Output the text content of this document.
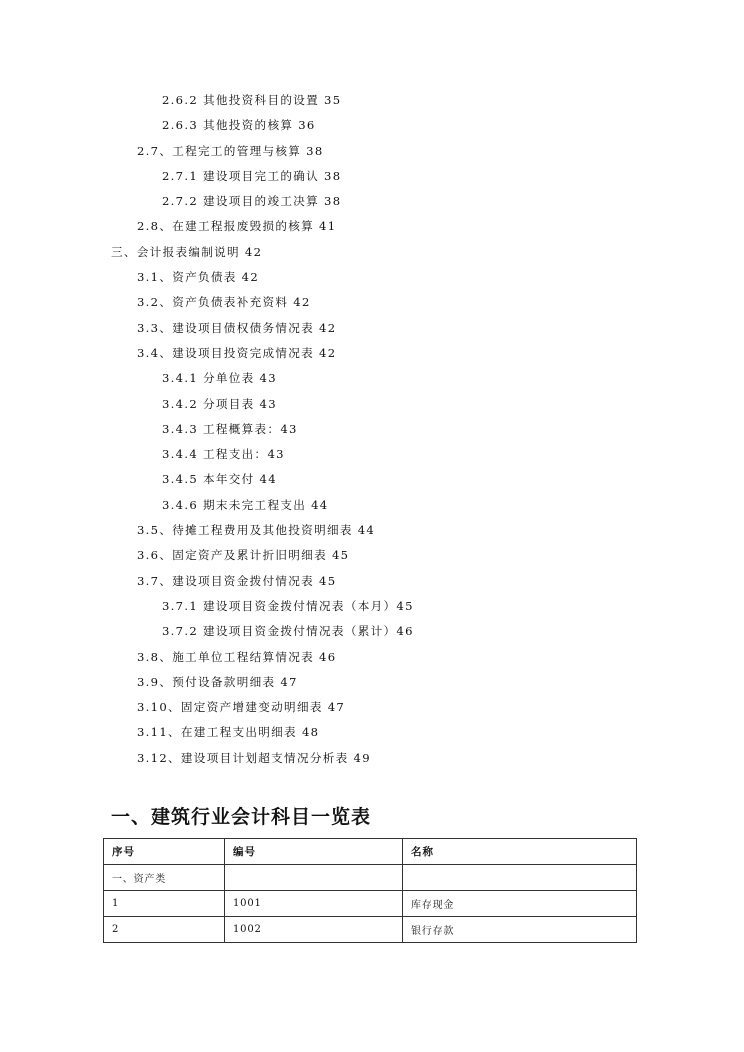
2.6.2 其他投资科目的设置 35
2.6.3 其他投资的核算 36
2.7、工程完工的管理与核算 38
2.7.1 建设项目完工的确认 38
2.7.2 建设项目的竣工决算 38
2.8、在建工程报废毁损的核算 41
三、会计报表编制说明 42
3.1、资产负债表 42
3.2、资产负债表补充资料 42
3.3、建设项目债权债务情况表 42
3.4、建设项目投资完成情况表 42
3.4.1 分单位表 43
3.4.2 分项目表 43
3.4.3 工程概算表：43
3.4.4 工程支出：43
3.4.5 本年交付 44
3.4.6 期末未完工程支出 44
3.5、待摊工程费用及其他投资明细表 44
3.6、固定资产及累计折旧明细表 45
3.7、建设项目资金拨付情况表 45
3.7.1 建设项目资金拨付情况表（本月）45
3.7.2 建设项目资金拨付情况表（累计）46
3.8、施工单位工程结算情况表 46
3.9、预付设备款明细表 47
3.10、固定资产增建变动明细表 47
3.11、在建工程支出明细表 48
3.12、建设项目计划超支情况分析表 49
一、建筑行业会计科目一览表
序号	编号	名称
一、资产类		
1	1001	库存现金
2	1002	银行存款
